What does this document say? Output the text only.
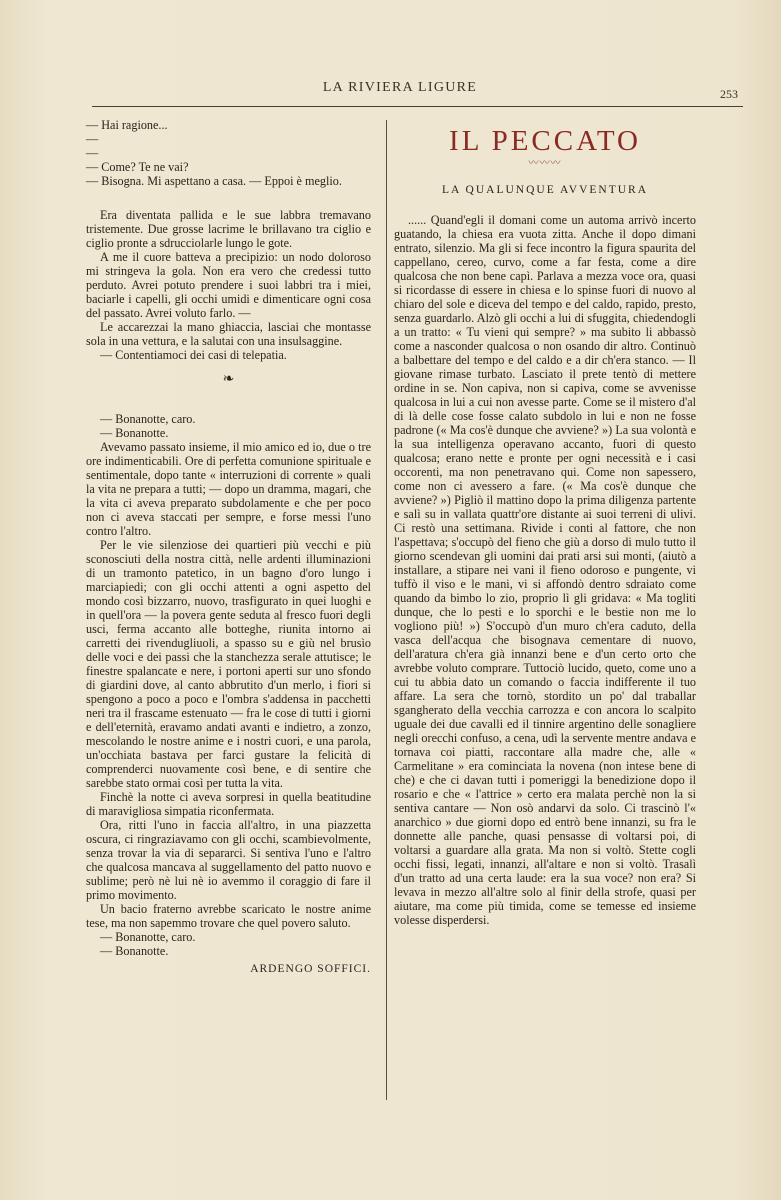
LA RIVIERA LIGURE	253

— Hai ragione...

—

—

— Come? Te ne vai?

— Bisogna. Mi aspettano a casa. — Eppoi è meglio.

Era diventata pallida e le sue labbra tremavano tristemente. Due grosse lacrime le brillavano tra ciglio e ciglio pronte a sdrucciolarle lungo le gote.

A me il cuore batteva a precipizio: un nodo doloroso mi stringeva la gola. Non era vero che credessi tutto perduto. Avrei potuto prendere i suoi labbri tra i miei, baciarle i capelli, gli occhi umidi e dimenticare ogni cosa del passato. Avrei voluto farlo. —

Le accarezzai la mano ghiaccia, lasciai che montasse sola in una vettura, e la salutai con una insulsaggine.

— Contentiamoci dei casi di telepatia.

❧

— Bonanotte, caro.

— Bonanotte.

Avevamo passato insieme, il mio amico ed io, due o tre ore indimenticabili. Ore di perfetta comunione spirituale e sentimentale, dopo tante « interruzioni di corrente » quali la vita ne prepara a tutti; — dopo un dramma, magari, che la vita ci aveva preparato subdolamente e che per poco non ci aveva staccati per sempre, e forse messi l'uno contro l'altro.

Per le vie silenziose dei quartieri più vecchi e più sconosciuti della nostra città, nelle ardenti illuminazioni di un tramonto patetico, in un bagno d'oro lungo i marciapiedi; con gli occhi attenti a ogni aspetto del mondo così bizzarro, nuovo, trasfigurato in quei luoghi e in quell'ora — la povera gente seduta al fresco fuori degli usci, ferma accanto alle botteghe, riunita intorno ai carretti dei rivendugliuoli, a spasso su e giù nel brusìo delle voci e dei passi che la stanchezza serale attutisce; le finestre spalancate e nere, i portoni aperti sur uno sfondo di giardini dove, al canto abbrutito d'un merlo, i fiori si spengono a poco a poco e l'ombra s'addensa in pacchetti neri tra il frascame estenuato — fra le cose di tutti i giorni e dell'eternità, eravamo andati avanti e indietro, a zonzo, mescolando le nostre anime e i nostri cuori, e una parola, un'occhiata bastava per farci gustare la felicità di comprenderci nuovamente così bene, e di sentire che sarebbe stato ormai così per tutta la vita.

Finchè la notte ci aveva sorpresi in quella beatitudine di maravigliosa simpatia riconfermata.

Ora, ritti l'uno in faccia all'altro, in una piazzetta oscura, ci ringraziavamo con gli occhi, scambievolmente, senza trovar la via di separarci. Si sentiva l'uno e l'altro che qualcosa mancava al suggellamento del patto nuovo e sublime; però nè lui nè io avemmo il coraggio di fare il primo movimento.

Un bacio fraterno avrebbe scaricato le nostre anime tese, ma non sapemmo trovare che quel povero saluto.

— Bonanotte, caro.

— Bonanotte.

ARDENGO SOFFICI.
IL PECCATO
〰〰〰
LA QUALUNQUE AVVENTURA

...... Quand'egli il domani come un automa arrivò incerto guatando, la chiesa era vuota zitta. Anche il dopo dimani entrato, silenzio. Ma gli si fece incontro la figura spaurita del cappellano, cereo, curvo, come a far festa, come a dire qualcosa che non bene capì. Parlava a mezza voce ora, quasi si ricordasse di essere in chiesa e lo spinse fuori di nuovo al chiaro del sole e diceva del tempo e del caldo, rapido, presto, senza guardarlo. Alzò gli occhi a lui di sfuggita, chiedendogli a un tratto: « Tu vieni qui sempre? » ma subito li abbassò come a nasconder qualcosa o non osando dir altro. Continuò a balbettare del tempo e del caldo e a dir ch'era stanco. — Il giovane rimase turbato. Lasciato il prete tentò di mettere ordine in se. Non capiva, non si capiva, come se avvenisse qualcosa in lui a cui non avesse parte. Come se il mistero d'al di là delle cose fosse calato subdolo in lui e non ne fosse padrone (« Ma cos'è dunque che avviene? ») La sua volontà e la sua intelligenza operavano accanto, fuori di questo qualcosa; erano nette e pronte per ogni necessità e i casi occorenti, ma non penetravano qui. Come non sapessero, come non ci avessero a fare. (« Ma cos'è dunque che avviene? ») Pigliò il mattino dopo la prima diligenza partente e salì su in vallata quattr'ore distante ai suoi terreni di ulivi. Ci restò una settimana. Rivide i conti al fattore, che non l'aspettava; s'occupò del fieno che giù a dorso di mulo tutto il giorno scendevan gli uomini dai prati arsi sui monti, (aiutò a installare, a stipare nei vani il fieno odoroso e pungente, vi tuffò il viso e le mani, vi si affondò dentro sdraiato come quando da bimbo lo zio, proprio lì gli gridava: « Ma togliti dunque, che lo pesti e lo sporchi e le bestie non me lo vogliono più! ») S'occupò d'un muro ch'era caduto, della vasca dell'acqua che bisognava cementare di nuovo, dell'aratura ch'era già innanzi bene e d'un certo orto che avrebbe voluto comprare. Tuttociò lucido, queto, come uno a cui tu abbia dato un comando o faccia indifferente il tuo affare. La sera che tornò, stordito un po' dal traballar sgangherato della vecchia carrozza e con ancora lo scalpito uguale dei due cavalli ed il tinnire argentino delle sonagliere negli orecchi confuso, a cena, udì la servente mentre andava e tornava coi piatti, raccontare alla madre che, alle « Carmelitane » era cominciata la novena (non intese bene di che) e che ci davan tutti i pomeriggi la benedizione dopo il rosario e che « l'attrice » certo era malata perchè non la si sentiva cantare — Non osò andarvi da solo. Ci trascinò l'« anarchico » due giorni dopo ed entrò bene innanzi, su fra le donnette alle panche, quasi pensasse di voltarsi poi, di voltarsi a guardare alla grata. Ma non si voltò. Stette cogli occhi fissi, legati, innanzi, all'altare e non si voltò. Trasalì d'un tratto ad una certa laude: era la sua voce? non era? Si levava in mezzo all'altre solo al finir della strofe, quasi per aiutare, ma come più timida, come se temesse ed insieme volesse disperdersi.
